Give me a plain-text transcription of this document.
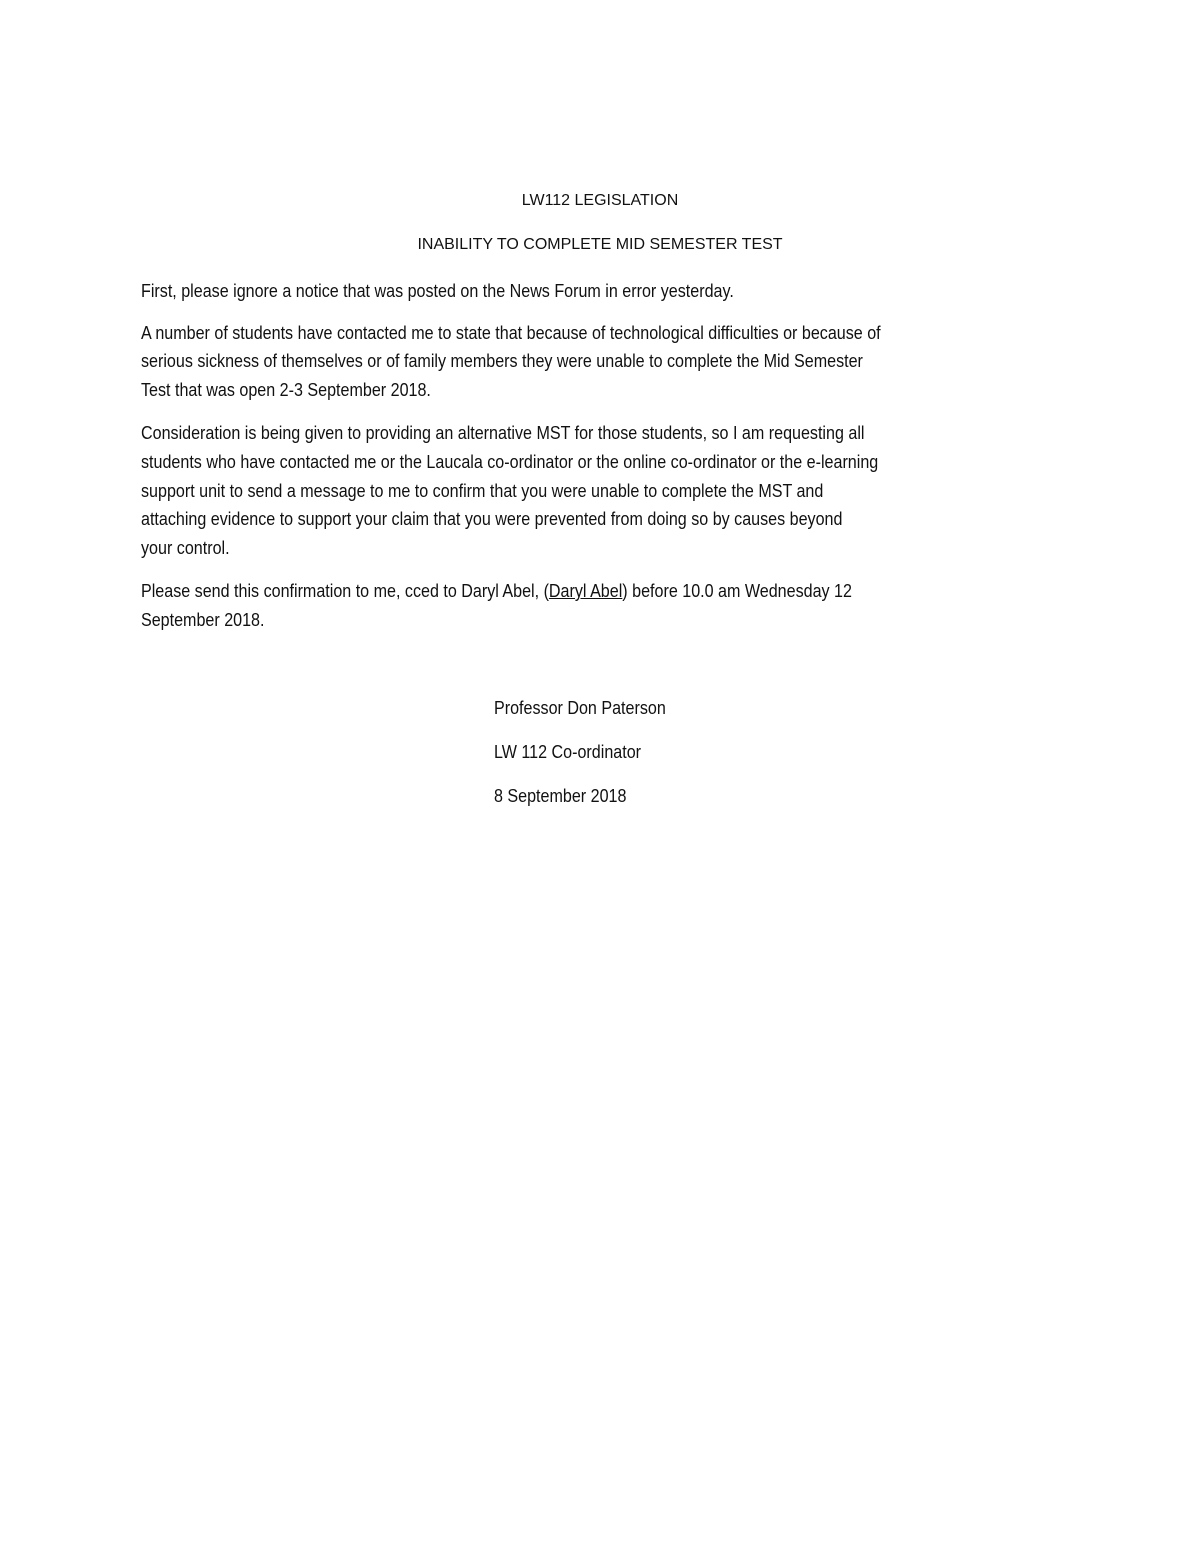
LW112 LEGISLATION
INABILITY TO COMPLETE MID SEMESTER TEST
First, please ignore a notice that was posted on the News Forum in error yesterday.
A number of students have contacted me to state that because of technological difficulties or because of
serious sickness of themselves or of family members they were unable to complete the Mid Semester
Test that was open 2-3 September 2018.
Consideration is being given to providing an alternative MST for those students, so I am requesting all
students who have contacted me or the Laucala co-ordinator or the online co-ordinator or the e-learning
support unit to send a message to me to confirm that you were unable to complete the MST and
attaching evidence to support your claim that you were prevented from doing so by causes beyond
your control.
Please send this confirmation to me, cced to Daryl Abel, (Daryl Abel) before 10.0 am Wednesday 12
September 2018.
Professor Don Paterson
LW 112 Co-ordinator
8 September 2018
